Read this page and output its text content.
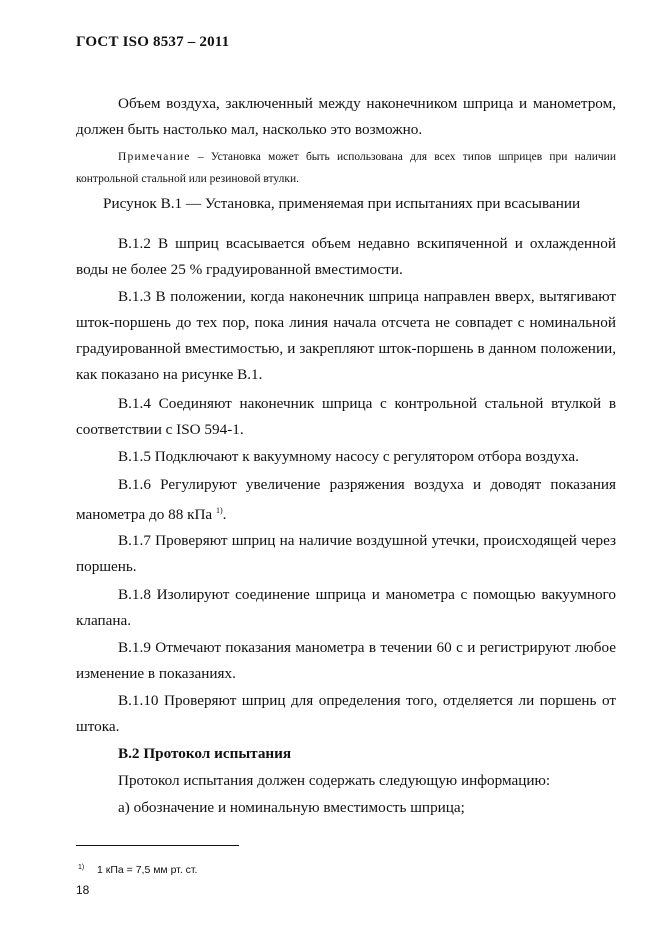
ГОСТ ISO 8537 – 2011
Объем воздуха, заключенный между наконечником шприца и манометром, должен быть настолько мал, насколько это возможно.
Примечание – Установка может быть использована для всех типов шприцев при наличии контрольной стальной или резиновой втулки.
Рисунок В.1 — Установка, применяемая при испытаниях при всасывании
В.1.2 В шприц всасывается объем недавно вскипяченной и охлажденной воды не более 25 % градуированной вместимости.
В.1.3 В положении, когда наконечник шприца направлен вверх, вытягивают шток-поршень до тех пор, пока линия начала отсчета не совпадет с номинальной градуированной вместимостью, и закрепляют шток-поршень в данном положении, как показано на рисунке В.1.
В.1.4 Соединяют наконечник шприца с контрольной стальной втулкой в соответствии с ISO 594-1.
В.1.5 Подключают к вакуумному насосу с регулятором отбора воздуха.
В.1.6 Регулируют увеличение разряжения воздуха и доводят показания манометра до 88 кПа $^{1)}$.
В.1.7 Проверяют шприц на наличие воздушной утечки, происходящей через поршень.
В.1.8 Изолируют соединение шприца и манометра с помощью вакуумного клапана.
В.1.9 Отмечают показания манометра в течении 60 с и регистрируют любое изменение в показаниях.
В.1.10 Проверяют шприц для определения того, отделяется ли поршень от штока.
В.2 Протокол испытания
Протокол испытания должен содержать следующую информацию:
а) обозначение и номинальную вместимость шприца;
1) 1 кПа = 7,5 мм рт. ст.
18
